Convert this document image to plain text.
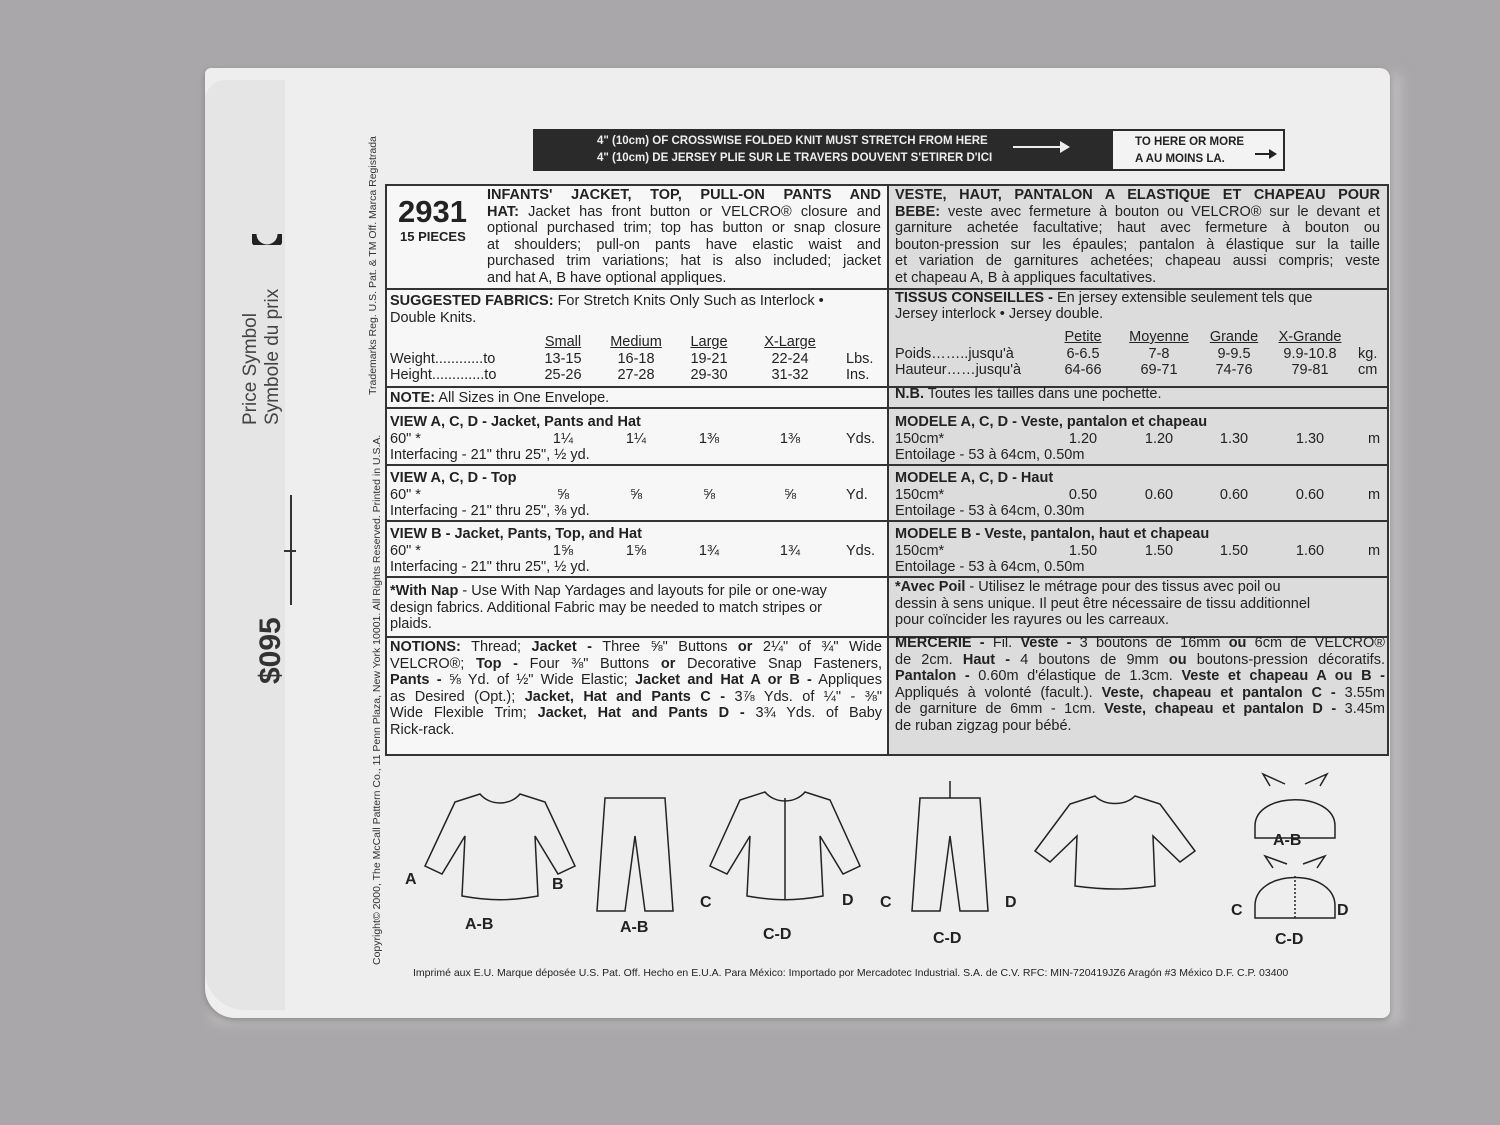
Price Symbol Symbole du prix
$095	Copyright© 2000, The McCall Pattern Co., 11 Penn Plaza, New York 10001. All Rights Reserved. Printed in U.S.A.
Trademarks Reg. U.S. Pat. & TM Off. Marca Registrada	4" (10cm) OF CROSSWISE FOLDED KNIT MUST STRETCH FROM HERE
4" (10cm) DE JERSEY PLIE SUR LE TRAVERS DOUVENT S'ETIRER D'ICI
TO HERE OR MORE
A AU MOINS LA.
2931
15 PIECES
INFANTS' JACKET, TOP, PULL-ON PANTS AND
HAT: Jacket has front button or VELCRO® closure and
optional purchased trim; top has button or snap closure
at shoulders; pull-on pants have elastic waist and
purchased trim variations; hat is also included; jacket
and hat A, B have optional appliques.
VESTE, HAUT, PANTALON A ELASTIQUE ET CHAPEAU POUR
BEBE: veste avec fermeture à bouton ou VELCRO® sur le devant et
garniture achetée facultative; haut avec fermeture à bouton ou
bouton-pression sur les épaules; pantalon à élastique sur la taille
et variation de garnitures achetées; chapeau aussi compris; veste
et chapeau A, B à appliques facultatives.
SUGGESTED FABRICS: For Stretch Knits Only Such as Interlock •
Double Knits.
TISSUS CONSEILLES - En jersey extensible seulement tels que
Jersey interlock • Jersey double.
Small	Medium	Large	X-Large
Weight............to	13-15	16-18	19-21	22-24	Lbs.
Height.............to	25-26	27-28	29-30	31-32	Ins.
Petite	Moyenne	Grande	X-Grande
Poids……..jusqu'à	6-6.5	7-8	9-9.5	9.9-10.8	kg.
Hauteur……jusqu'à	64-66	69-71	74-76	79-81	cm
NOTE: All Sizes in One Envelope.	N.B. Toutes les tailles dans une pochette.
VIEW A, C, D - Jacket, Pants and Hat
60" *	1¼	1¼	1⅜	1⅜	Yds.
Interfacing - 21" thru 25", ½ yd.
VIEW A, C, D - Top
60" *	⅝	⅝	⅝	⅝	Yd.
Interfacing - 21" thru 25", ⅜ yd.
VIEW B - Jacket, Pants, Top, and Hat
60" *	1⅝	1⅝	1¾	1¾	Yds.
Interfacing - 21" thru 25", ½ yd.
MODELE A, C, D - Veste, pantalon et chapeau
150cm*	1.20	1.20	1.30	1.30	m
Entoilage - 53 à 64cm, 0.50m
MODELE A, C, D - Haut
150cm*	0.50	0.60	0.60	0.60	m
Entoilage - 53 à 64cm, 0.30m
MODELE B - Veste, pantalon, haut et chapeau
150cm*	1.50	1.50	1.50	1.60	m
Entoilage - 53 à 64cm, 0.50m
*With Nap - Use With Nap Yardages and layouts for pile or one-way
design fabrics. Additional Fabric may be needed to match stripes or
plaids.
*Avec Poil - Utilisez le métrage pour des tissus avec poil ou
dessin à sens unique. Il peut être nécessaire de tissu additionnel
pour coïncider les rayures ou les carreaux.
NOTIONS: Thread; Jacket - Three ⅝" Buttons or 2¼" of ¾" Wide
VELCRO®; Top - Four ⅜" Buttons or Decorative Snap Fasteners,
Pants - ⅝ Yd. of ½" Wide Elastic; Jacket and Hat A or B - Appliques
as Desired (Opt.); Jacket, Hat and Pants C - 3⅞ Yds. of ¼" - ⅜"
Wide Flexible Trim; Jacket, Hat and Pants D - 3¾ Yds. of Baby
Rick-rack.
MERCERIE - Fil. Veste - 3 boutons de 16mm ou 6cm de VELCRO®
de 2cm. Haut - 4 boutons de 9mm ou boutons-pression décoratifs.
Pantalon - 0.60m d'élastique de 1.3cm. Veste et chapeau A ou B -
Appliqués à volonté (facult.). Veste, chapeau et pantalon C - 3.55m
de garniture de 6mm - 1cm. Veste, chapeau et pantalon D - 3.45m
de ruban zigzag pour bébé.
A	B
A-B	A-B
C	D
C-D
C	D
C-D
A-B
C	D
C-D
Imprimé aux E.U. Marque déposée U.S. Pat. Off. Hecho en E.U.A. Para México: Importado por Mercadotec Industrial. S.A. de C.V. RFC: MIN-720419JZ6 Aragón #3 México D.F. C.P. 03400
